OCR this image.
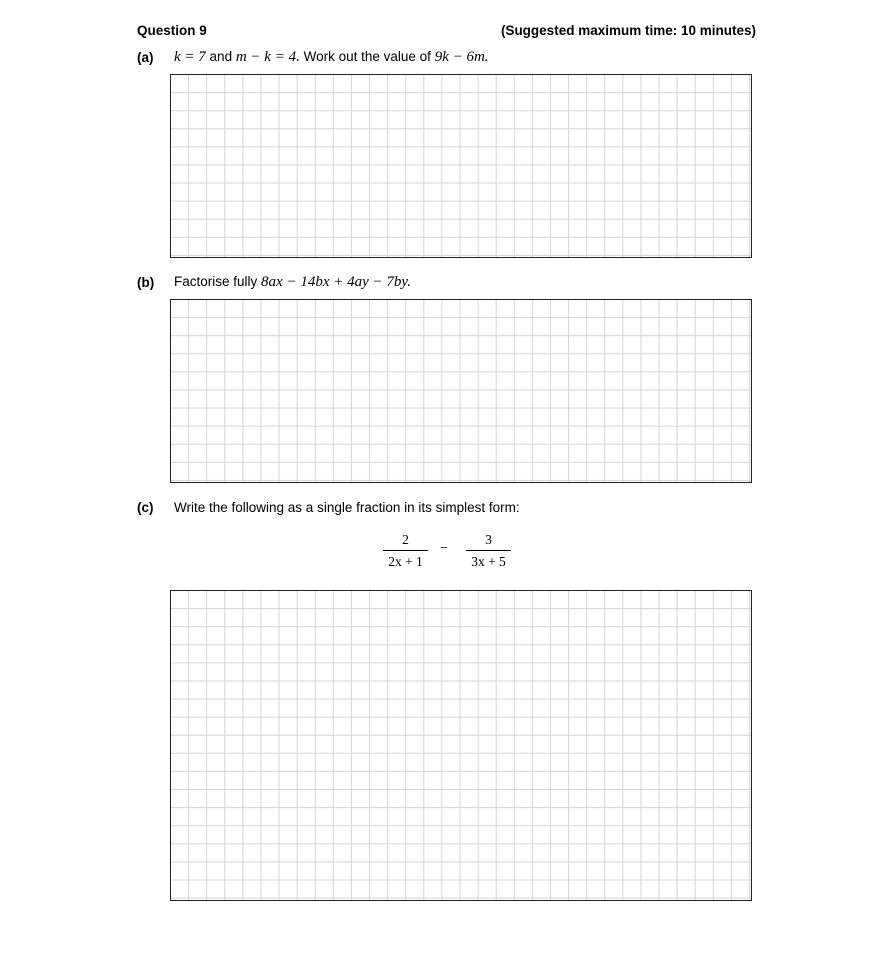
Question 9	(Suggested maximum time: 10 minutes)
(a) k = 7 and m − k = 4. Work out the value of 9k − 6m.
(b) Factorise fully 8ax − 14bx + 4ay − 7by.
(c) Write the following as a single fraction in its simplest form:
2
2x + 1
−
3
3x + 5
